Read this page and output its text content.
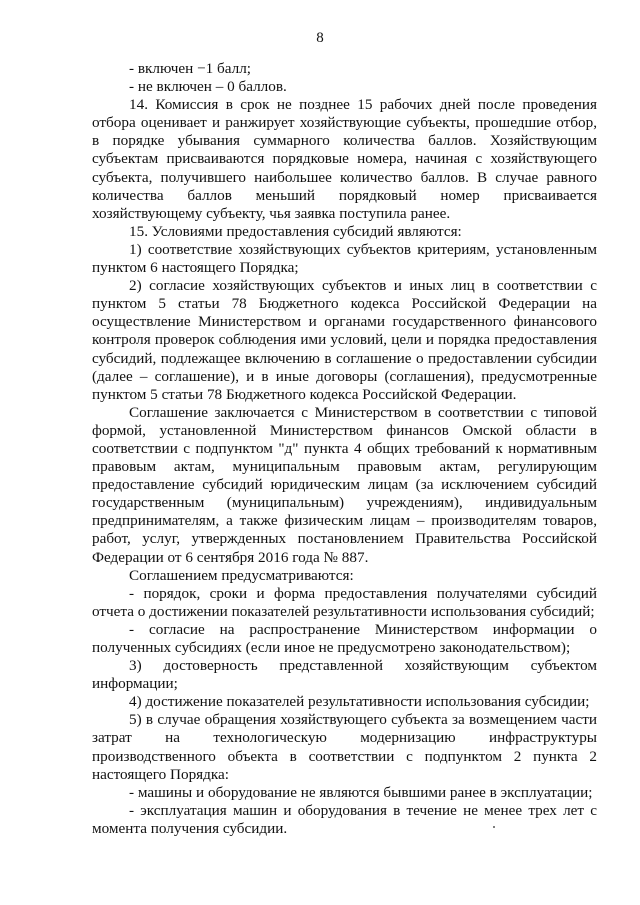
8

- включен −1 балл;

- не включен – 0 баллов.

14. Комиссия в срок не позднее 15 рабочих дней после проведения отбора оценивает и ранжирует хозяйствующие субъекты, прошедшие отбор, в порядке убывания суммарного количества баллов. Хозяйствующим субъектам присваиваются порядковые номера, начиная с хозяйствующего субъекта, получившего наибольшее количество баллов. В случае равного количества баллов меньший порядковый номер присваивается хозяйствующему субъекту, чья заявка поступила ранее.

15. Условиями предоставления субсидий являются:

1) соответствие хозяйствующих субъектов критериям, установленным пунктом 6 настоящего Порядка;

2) согласие хозяйствующих субъектов и иных лиц в соответствии с пунктом 5 статьи 78 Бюджетного кодекса Российской Федерации на осуществление Министерством и органами государственного финансового контроля проверок соблюдения ими условий, цели и порядка предоставления субсидий, подлежащее включению в соглашение о предоставлении субсидии (далее – соглашение), и в иные договоры (соглашения), предусмотренные пунктом 5 статьи 78 Бюджетного кодекса Российской Федерации.

Соглашение заключается с Министерством в соответствии с типовой формой, установленной Министерством финансов Омской области в соответствии с подпунктом "д" пункта 4 общих требований к нормативным правовым актам, муниципальным правовым актам, регулирующим предоставление субсидий юридическим лицам (за исключением субсидий государственным (муниципальным) учреждениям), индивидуальным предпринимателям, а также физическим лицам – производителям товаров, работ, услуг, утвержденных постановлением Правительства Российской Федерации от 6 сентября 2016 года № 887.

Соглашением предусматриваются:

- порядок, сроки и форма предоставления получателями субсидий отчета о достижении показателей результативности использования субсидий;

- согласие на распространение Министерством информации о полученных субсидиях (если иное не предусмотрено законодательством);

3) достоверность представленной хозяйствующим субъектом информации;

4) достижение показателей результативности использования субсидии;

5) в случае обращения хозяйствующего субъекта за возмещением части затрат на технологическую модернизацию инфраструктуры производственного объекта в соответствии с подпунктом 2 пункта 2 настоящего Порядка:

- машины и оборудование не являются бывшими ранее в эксплуатации;

- эксплуатация машин и оборудования в течение не менее трех лет с момента получения субсидии.
